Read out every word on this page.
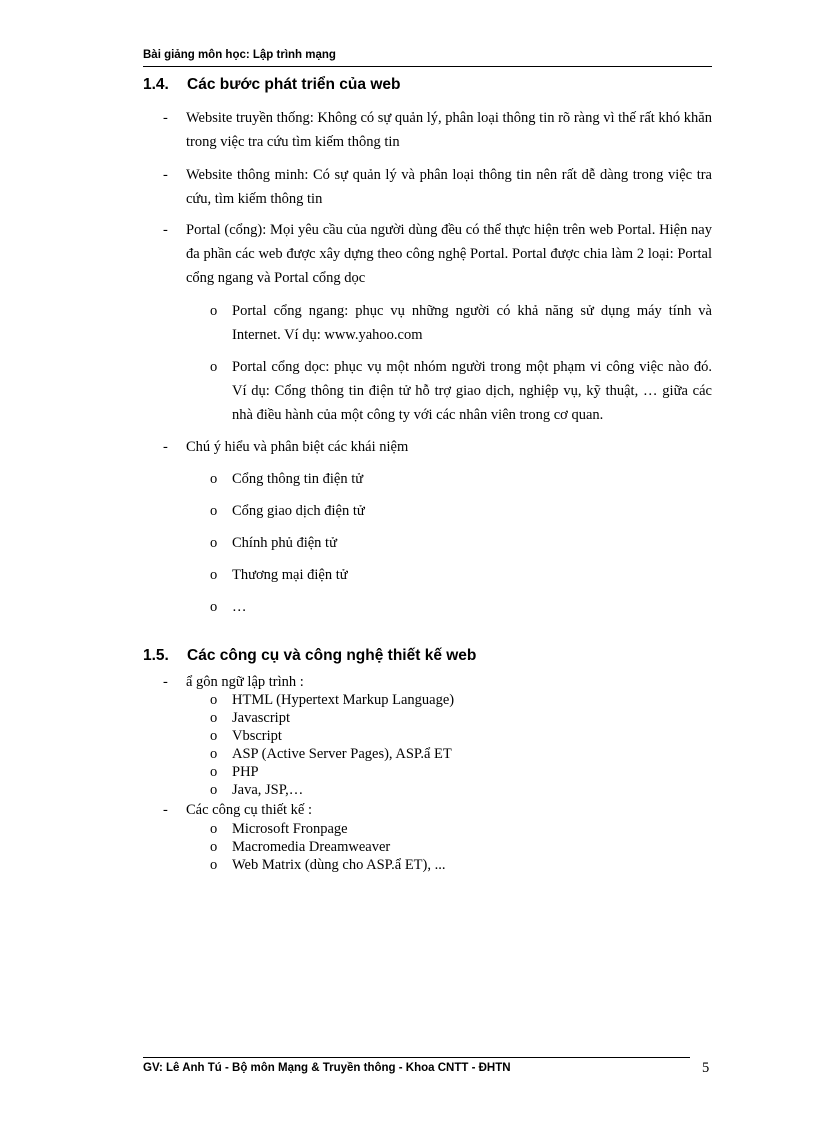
Bài giảng môn học: Lập trình mạng
1.4. Các bước phát triển của web
- Website truyền thống: Không có sự quản lý, phân loại thông tin rõ ràng vì thế rất khó khăn trong việc tra cứu tìm kiếm thông tin
- Website thông minh: Có sự quản lý và phân loại thông tin nên rất dễ dàng trong việc tra cứu, tìm kiếm thông tin
- Portal (cổng): Mọi yêu cầu của người dùng đều có thể thực hiện trên web Portal. Hiện nay đa phần các web được xây dựng theo công nghệ Portal. Portal được chia làm 2 loại: Portal cổng ngang và Portal cổng dọc
o Portal cổng ngang: phục vụ những người có khả năng sử dụng máy tính và Internet. Ví dụ: www.yahoo.com
o Portal cổng dọc: phục vụ một nhóm người trong một phạm vi công việc nào đó. Ví dụ: Cổng thông tin điện tử hỗ trợ giao dịch, nghiệp vụ, kỹ thuật, … giữa các nhà điều hành của một công ty với các nhân viên trong cơ quan.
- Chú ý hiểu và phân biệt các khái niệm
o Cổng thông tin điện tử
o Cổng giao dịch điện tử
o Chính phủ điện tử
o Thương mại điện tử
o …
1.5. Các công cụ và công nghệ thiết kế web
- ẩ gôn ngữ lập trình :
o HTML (Hypertext Markup Language)
o Javascript
o Vbscript
o ASP (Active Server Pages), ASP.ẩ ET
o PHP
o Java, JSP,…
- Các công cụ thiết kế :
o Microsoft Fronpage
o Macromedia Dreamweaver
o Web Matrix (dùng cho ASP.ẩ ET), ...
GV: Lê Anh Tú - Bộ môn Mạng & Truyền thông - Khoa CNTT - ĐHTN	5
